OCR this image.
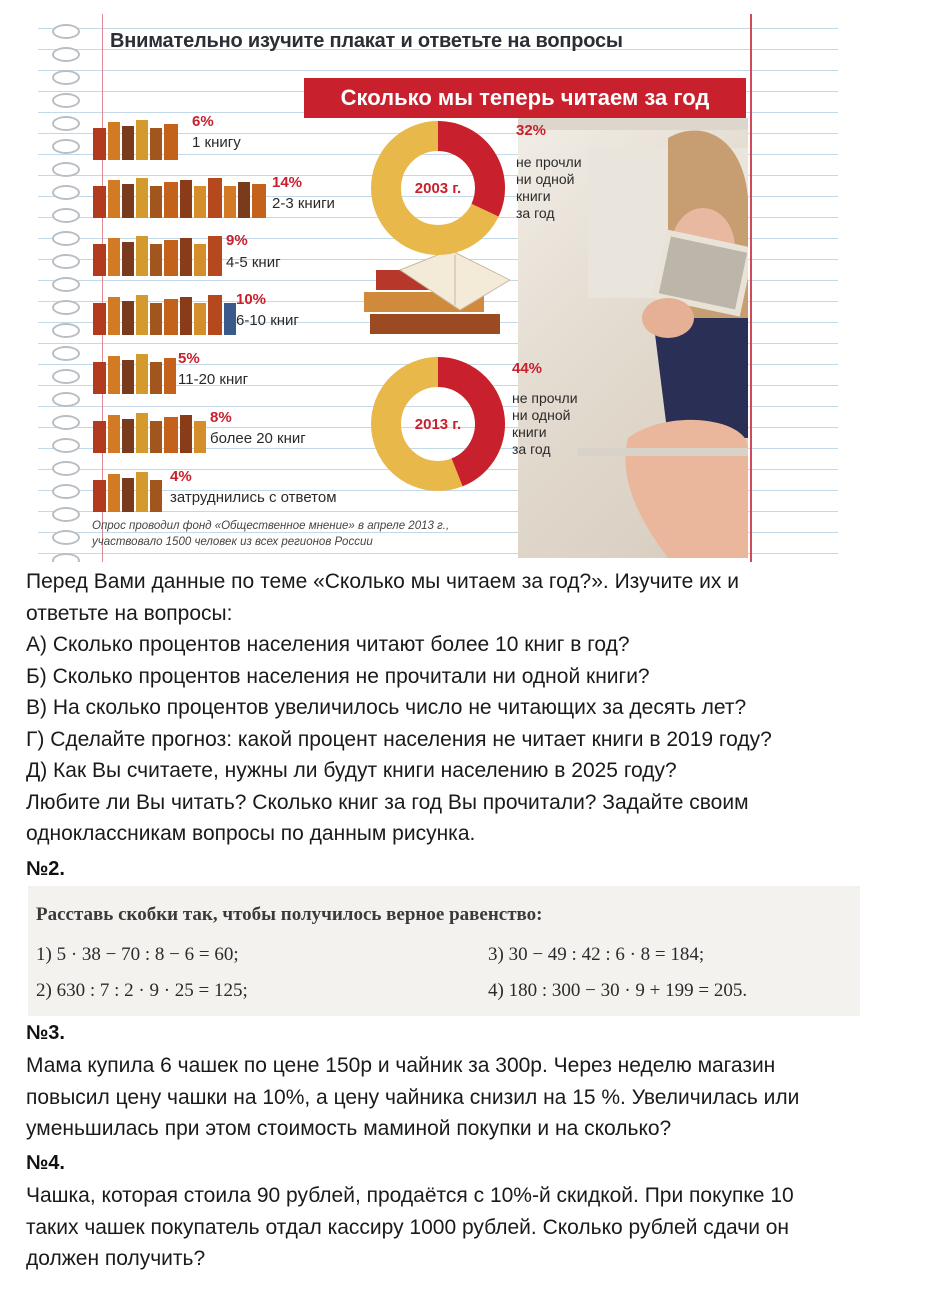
Внимательно изучите плакат и ответьте на вопросы
Сколько мы теперь читаем за год
6%
1 книгу
14%
2-3 книги
9%
4-5 книг
10%
6-10 книг
5%
11-20 книг
8%
более 20 книг
4%
затруднились с ответом
2003 г.
32%
не прочли
ни одной
книги
за год
2013 г.
44%
не прочли
ни одной
книги
за год
Опрос проводил фонд «Общественное мнение» в апреле 2013 г.,
участвовало 1500 человек из всех регионов России
Перед Вами данные по теме «Сколько мы читаем за год?». Изучите их и
ответьте на вопросы:
А) Сколько процентов населения читают более 10 книг в год?
Б) Сколько процентов населения не прочитали ни одной книги?
В) На сколько процентов увеличилось число не читающих за десять лет?
Г) Сделайте прогноз: какой процент населения не читает книги в 2019 году?
Д) Как Вы считаете, нужны ли будут книги населению в 2025 году?
Любите ли Вы читать? Сколько книг за год Вы прочитали? Задайте своим
одноклассникам вопросы по данным рисунка.
№2.
Расставь скобки так, чтобы получилось верное равенство:
1) 5 · 38 − 70 : 8 − 6 = 60;
2) 630 : 7 : 2 · 9 · 25 = 125;
3) 30 − 49 : 42 : 6 · 8 = 184;
4) 180 : 300 − 30 · 9 + 199 = 205.
№3.
Мама купила 6 чашек по цене 150р и чайник за 300р. Через неделю магазин
повысил цену чашки на 10%, а цену чайника снизил на 15 %. Увеличилась или
уменьшилась при этом стоимость маминой покупки и на сколько?
№4.
Чашка, которая стоила 90 рублей, продаётся с 10%-й скидкой. При покупке 10
таких чашек покупатель отдал кассиру 1000 рублей. Сколько рублей сдачи он
должен получить?
